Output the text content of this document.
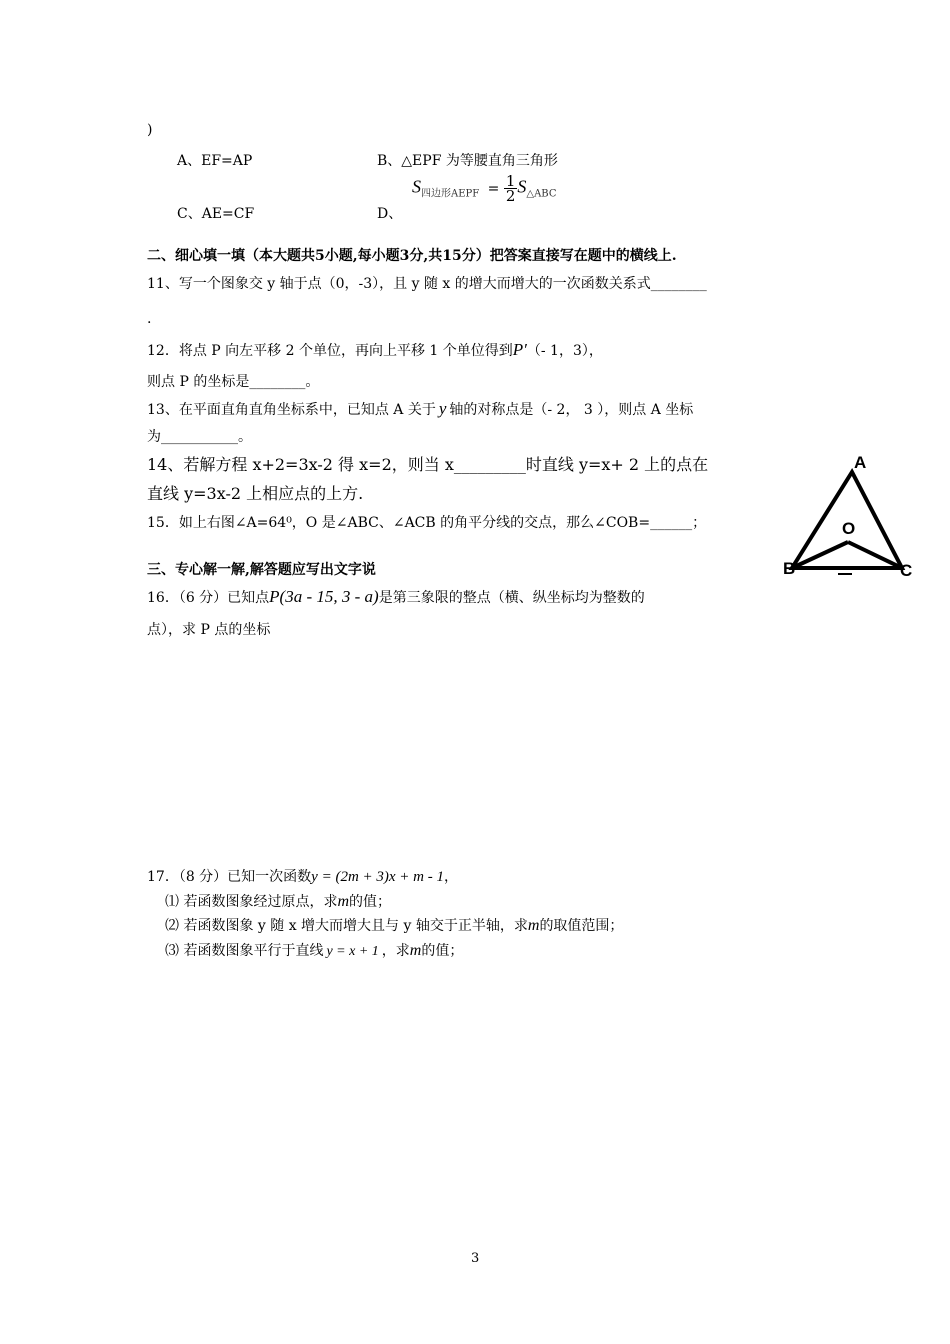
)
A、EF=AP	B、△EPF 为等腰直角三角形
C、AE=CF	D、
$S_{四边形AEPF} = \frac{1}{2} S_{\triangle ABC}$
二、细心填一填（本大题共5小题,每小题3分,共15分）把答案直接写在题中的横线上.
11、写一个图象交 y 轴于点（0，-3），且 y 随 x 的增大而增大的一次函数关系式________
.
12．将点 P 向左平移 2 个单位，再向上平移 1 个单位得到P′（- 1，3），
则点 P 的坐标是________。
13、在平面直角直角坐标系中，已知点 A 关于 y 轴的对称点是（- 2， 3 ），则点 A 坐标
为___________。
14、若解方程 x+2=3x-2 得 x=2，则当 x_________时直线 y=x+ 2 上的点在
直线 y=3x-2 上相应点的上方.
15．如上右图∠A=64⁰，O 是∠ABC、∠ACB 的角平分线的交点，那么∠COB=______；
A
O
B	C
三、专心解一解,解答题应写出文字说
16．（6 分）已知点P(3a - 15, 3 - a)是第三象限的整点（横、纵坐标均为整数的
点），求 P 点的坐标
17．（8 分）已知一次函数y = (2m + 3)x + m - 1，
⑴ 若函数图象经过原点，求m的值；
⑵ 若函数图象 y 随 x 增大而增大且与 y 轴交于正半轴，求m的取值范围；
⑶ 若函数图象平行于直线 y = x + 1 ，求m的值；
3
